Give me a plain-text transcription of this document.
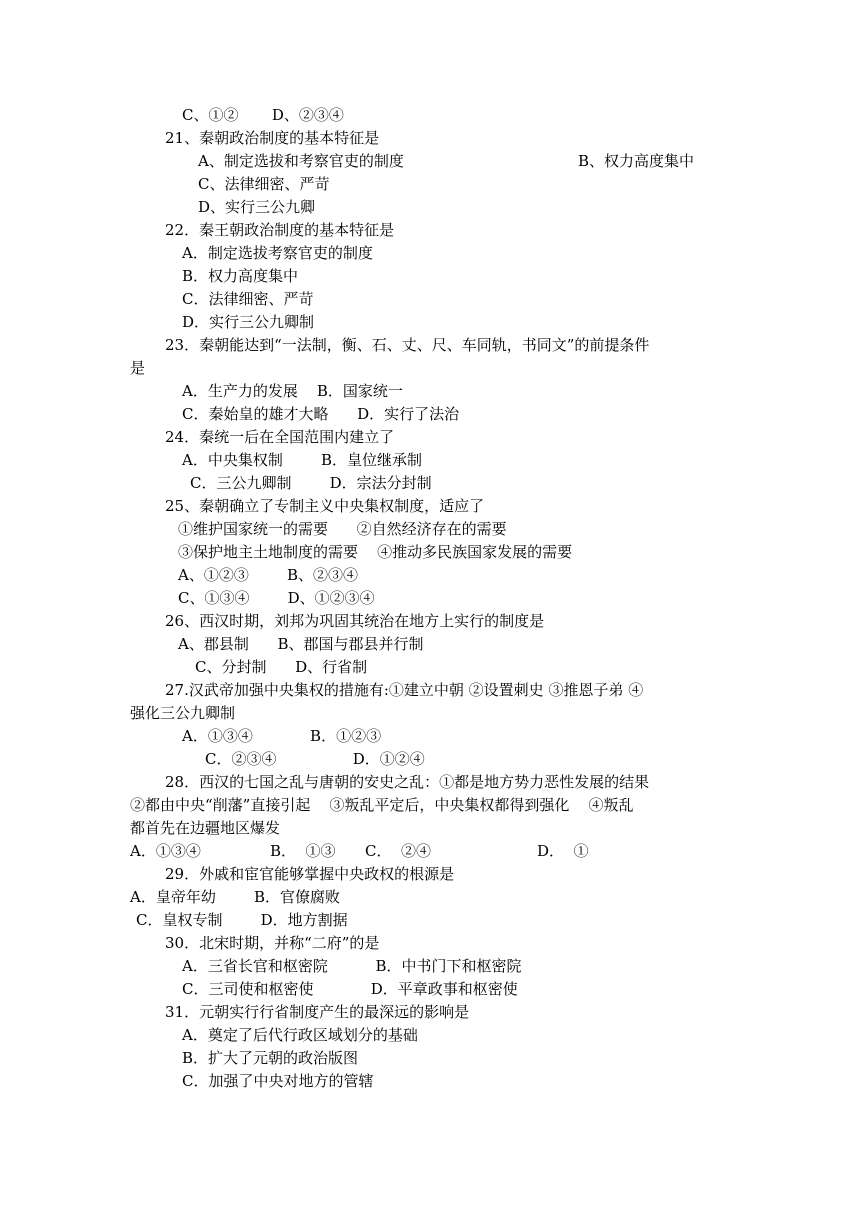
C、①②       D、②③④
21、秦朝政治制度的基本特征是
A、制定选拔和考察官吏的制度	B、权力高度集中
C、法律细密、严苛
D、实行三公九卿
22．秦王朝政治制度的基本特征是
A．制定选拔考察官吏的制度
B．权力高度集中
C．法律细密、严苛
D．实行三公九卿制
23．秦朝能达到“一法制，衡、石、丈、尺、车同轨，书同文”的前提条件
是
A．生产力的发展    B．国家统一
C．秦始皇的雄才大略      D．实行了法治
24．秦统一后在全国范围内建立了
A．中央集权制        B．皇位继承制
C．三公九卿制        D．宗法分封制
25、秦朝确立了专制主义中央集权制度，适应了
①维护国家统一的需要      ②自然经济存在的需要
③保护地主土地制度的需要    ④推动多民族国家发展的需要
A、①②③        B、②③④
C、①③④        D、①②③④
26、西汉时期，刘邦为巩固其统治在地方上实行的制度是
A、郡县制      B、郡国与郡县并行制
C、分封制      D、行省制
27.汉武帝加强中央集权的措施有:①建立中朝 ②设置刺史 ③推恩子弟 ④
强化三公九卿制
A．①③④            B．①②③
C．②③④                D．①②④
28．西汉的七国之乱与唐朝的安史之乱：①都是地方势力恶性发展的结果
②都由中央“削藩”直接引起    ③叛乱平定后，中央集权都得到强化    ④叛乱
都首先在边疆地区爆发
A．①③④	B．  ①③ C．  ②④	D．  ①
29．外戚和宦官能够掌握中央政权的根源是
A．皇帝年幼        B．官僚腐败
C．皇权专制        D．地方割据
30．北宋时期，并称“二府”的是
A．三省长官和枢密院          B．中书门下和枢密院
C．三司使和枢密使            D．平章政事和枢密使
31．元朝实行行省制度产生的最深远的影响是
A．奠定了后代行政区域划分的基础
B．扩大了元朝的政治版图
C．加强了中央对地方的管辖
